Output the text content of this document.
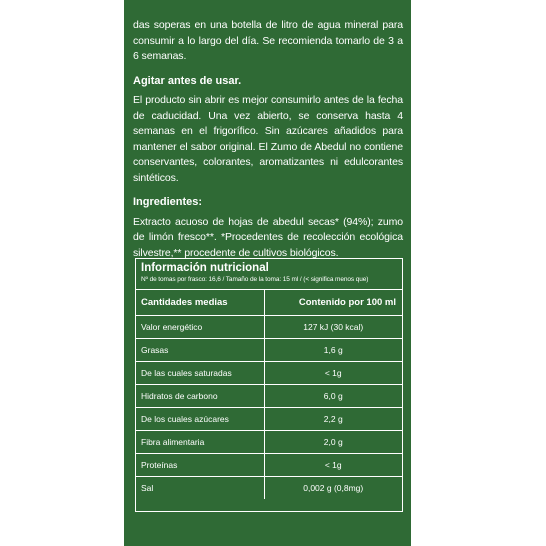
das soperas en una botella de litro de agua mineral para consumir a lo largo del día. Se recomienda tomarlo de 3 a 6 semanas.

Agitar antes de usar.

El producto sin abrir es mejor consumirlo antes de la fecha de caducidad. Una vez abierto, se conserva hasta 4 semanas en el frigorífico. Sin azúcares añadidos para mantener el sabor original. El Zumo de Abedul no contiene conservantes, colorantes, aromatizantes ni edulcorantes sintéticos.

Ingredientes:

Extracto acuoso de hojas de abedul secas* (94%); zumo de limón fresco**. *Procedentes de recolección ecológica silvestre,** procedente de cultivos biológicos.

Información nutricional
Nº de tomas por frasco: 16,6 / Tamaño de la toma: 15 ml / (< significa menos que)
Cantidades medias	Contenido por 100 ml
Valor energético	127 kJ (30 kcal)
Grasas	1,6 g
De las cuales saturadas	< 1g
Hidratos de carbono	6,0 g
De los cuales azúcares	2,2 g
Fibra alimentaria	2,0 g
Proteínas	< 1g
Sal	0,002 g (0,8mg)
